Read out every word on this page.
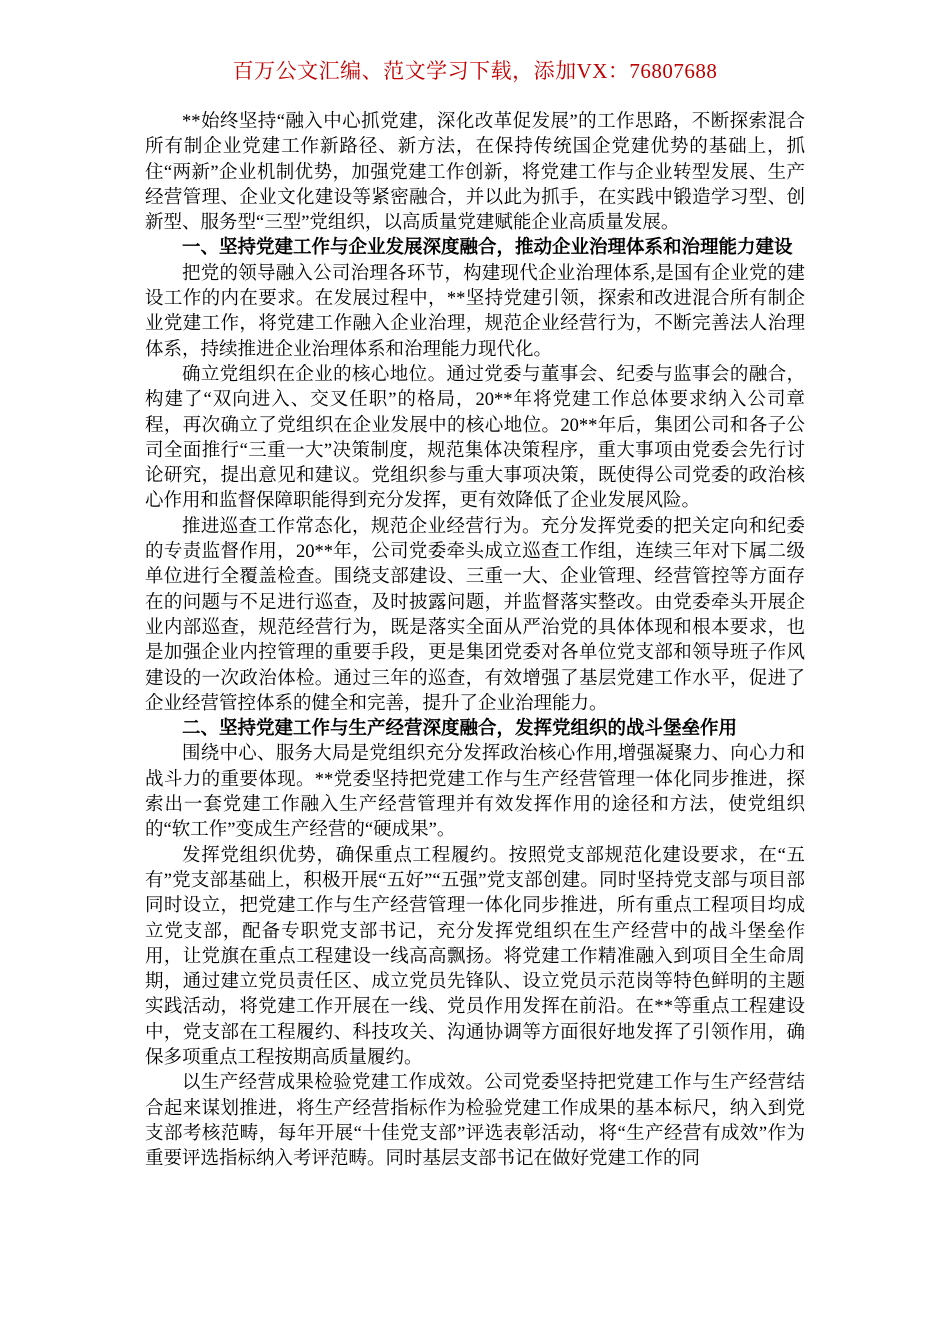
百万公文汇编、范文学习下载，添加VX：76807688

**始终坚持“融入中心抓党建，深化改革促发展”的工作思路，不断探索混合所有制企业党建工作新路径、新方法，在保持传统国企党建优势的基础上，抓住“两新”企业机制优势，加强党建工作创新，将党建工作与企业转型发展、生产经营管理、企业文化建设等紧密融合，并以此为抓手，在实践中锻造学习型、创新型、服务型“三型”党组织，以高质量党建赋能企业高质量发展。

一、坚持党建工作与企业发展深度融合，推动企业治理体系和治理能力建设

把党的领导融入公司治理各环节，构建现代企业治理体系,是国有企业党的建设工作的内在要求。在发展过程中，**坚持党建引领，探索和改进混合所有制企业党建工作，将党建工作融入企业治理，规范企业经营行为，不断完善法人治理体系，持续推进企业治理体系和治理能力现代化。

确立党组织在企业的核心地位。通过党委与董事会、纪委与监事会的融合，构建了“双向进入、交叉任职”的格局，20**年将党建工作总体要求纳入公司章程，再次确立了党组织在企业发展中的核心地位。20**年后，集团公司和各子公司全面推行“三重一大”决策制度，规范集体决策程序，重大事项由党委会先行讨论研究，提出意见和建议。党组织参与重大事项决策，既使得公司党委的政治核心作用和监督保障职能得到充分发挥，更有效降低了企业发展风险。

推进巡查工作常态化，规范企业经营行为。充分发挥党委的把关定向和纪委的专责监督作用，20**年，公司党委牵头成立巡查工作组，连续三年对下属二级单位进行全覆盖检查。围绕支部建设、三重一大、企业管理、经营管控等方面存在的问题与不足进行巡查，及时披露问题，并监督落实整改。由党委牵头开展企业内部巡查，规范经营行为，既是落实全面从严治党的具体体现和根本要求，也是加强企业内控管理的重要手段，更是集团党委对各单位党支部和领导班子作风建设的一次政治体检。通过三年的巡查，有效增强了基层党建工作水平，促进了企业经营管控体系的健全和完善，提升了企业治理能力。

二、坚持党建工作与生产经营深度融合，发挥党组织的战斗堡垒作用

围绕中心、服务大局是党组织充分发挥政治核心作用,增强凝聚力、向心力和战斗力的重要体现。**党委坚持把党建工作与生产经营管理一体化同步推进，探索出一套党建工作融入生产经营管理并有效发挥作用的途径和方法，使党组织的“软工作”变成生产经营的“硬成果”。

发挥党组织优势，确保重点工程履约。按照党支部规范化建设要求，在“五有”党支部基础上，积极开展“五好”“五强”党支部创建。同时坚持党支部与项目部同时设立，把党建工作与生产经营管理一体化同步推进，所有重点工程项目均成立党支部，配备专职党支部书记，充分发挥党组织在生产经营中的战斗堡垒作用，让党旗在重点工程建设一线高高飘扬。将党建工作精准融入到项目全生命周期，通过建立党员责任区、成立党员先锋队、设立党员示范岗等特色鲜明的主题实践活动，将党建工作开展在一线、党员作用发挥在前沿。在**等重点工程建设中，党支部在工程履约、科技攻关、沟通协调等方面很好地发挥了引领作用，确保多项重点工程按期高质量履约。

以生产经营成果检验党建工作成效。公司党委坚持把党建工作与生产经营结合起来谋划推进，将生产经营指标作为检验党建工作成果的基本标尺，纳入到党支部考核范畴，每年开展“十佳党支部”评选表彰活动，将“生产经营有成效”作为重要评选指标纳入考评范畴。同时基层支部书记在做好党建工作的同
